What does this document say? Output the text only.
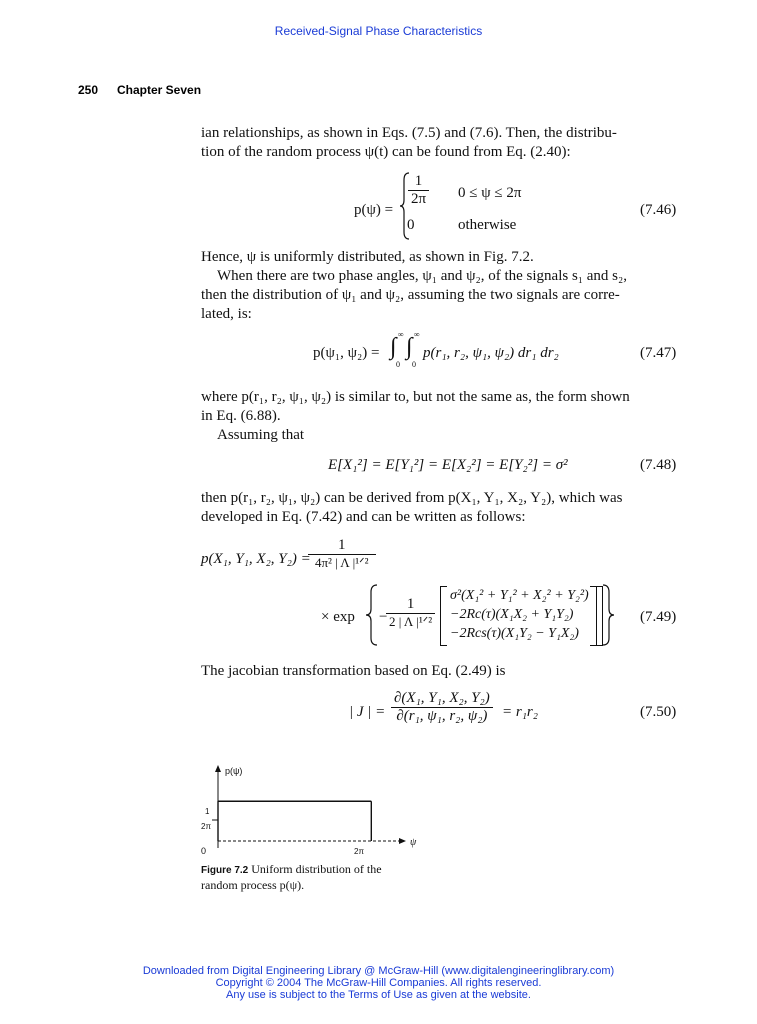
Received-Signal Phase Characteristics
250 Chapter Seven
ian relationships, as shown in Eqs. (7.5) and (7.6). Then, the distribu-
tion of the random process ψ(t) can be found from Eq. (2.40):
p(ψ) =
$\frac{1}{2\pi} 0 \le \psi \le 2\pi$
0	otherwise
(7.46)
Hence, ψ is uniformly distributed, as shown in Fig. 7.2.
When there are two phase angles, ψ₁ and ψ₂, of the signals s₁ and s₂,
then the distribution of ψ₁ and ψ₂, assuming the two signals are corre-
lated, is:
p(ψ₁, ψ₂) = ∫ ∞
0
∫ ∞
0
p(r₁, r₂, ψ₁, ψ₂) dr₁ dr₂	(7.47)
where p(r₁, r₂, ψ₁, ψ₂) is similar to, but not the same as, the form shown
in Eq. (6.88).
Assuming that
E[X₁²] = E[Y₁²] = E[X₂²] = E[Y₂²] = σ²	(7.48)
then p(r₁, r₂, ψ₁, ψ₂) can be derived from p(X₁, Y₁, X₂, Y₂), which was
developed in Eq. (7.42) and can be written as follows:
p(X₁, Y₁, X₂, Y₂) =
$\frac{1}{\text{4π² | Λ |¹ᐟ²}}$
× exp −
$\frac{1}{\text{2 | Λ |¹ᐟ²}}$
σ²(X₁² + Y₁² + X₂² + Y₂²)
−2Rc(τ)(X₁X₂ + Y₁Y₂)
−2Rcs(τ)(X₁Y₂ − Y₁X₂)
(7.49)
The jacobian transformation based on Eq. (2.49) is
| J | = $\frac{\text{∂(X₁, Y₁, X₂, Y₂)}}{\text{∂(r₁, ψ₁, r₂, ψ₂)}} = r_1r_2$	(7.50)
p(ψ)
1
2π
0	2π
ψ
Figure 7.2 Uniform distribution of the random process p(ψ).
Downloaded from Digital Engineering Library @ McGraw-Hill (www.digitalengineeringlibrary.com)
Copyright © 2004 The McGraw-Hill Companies. All rights reserved.
Any use is subject to the Terms of Use as given at the website.
